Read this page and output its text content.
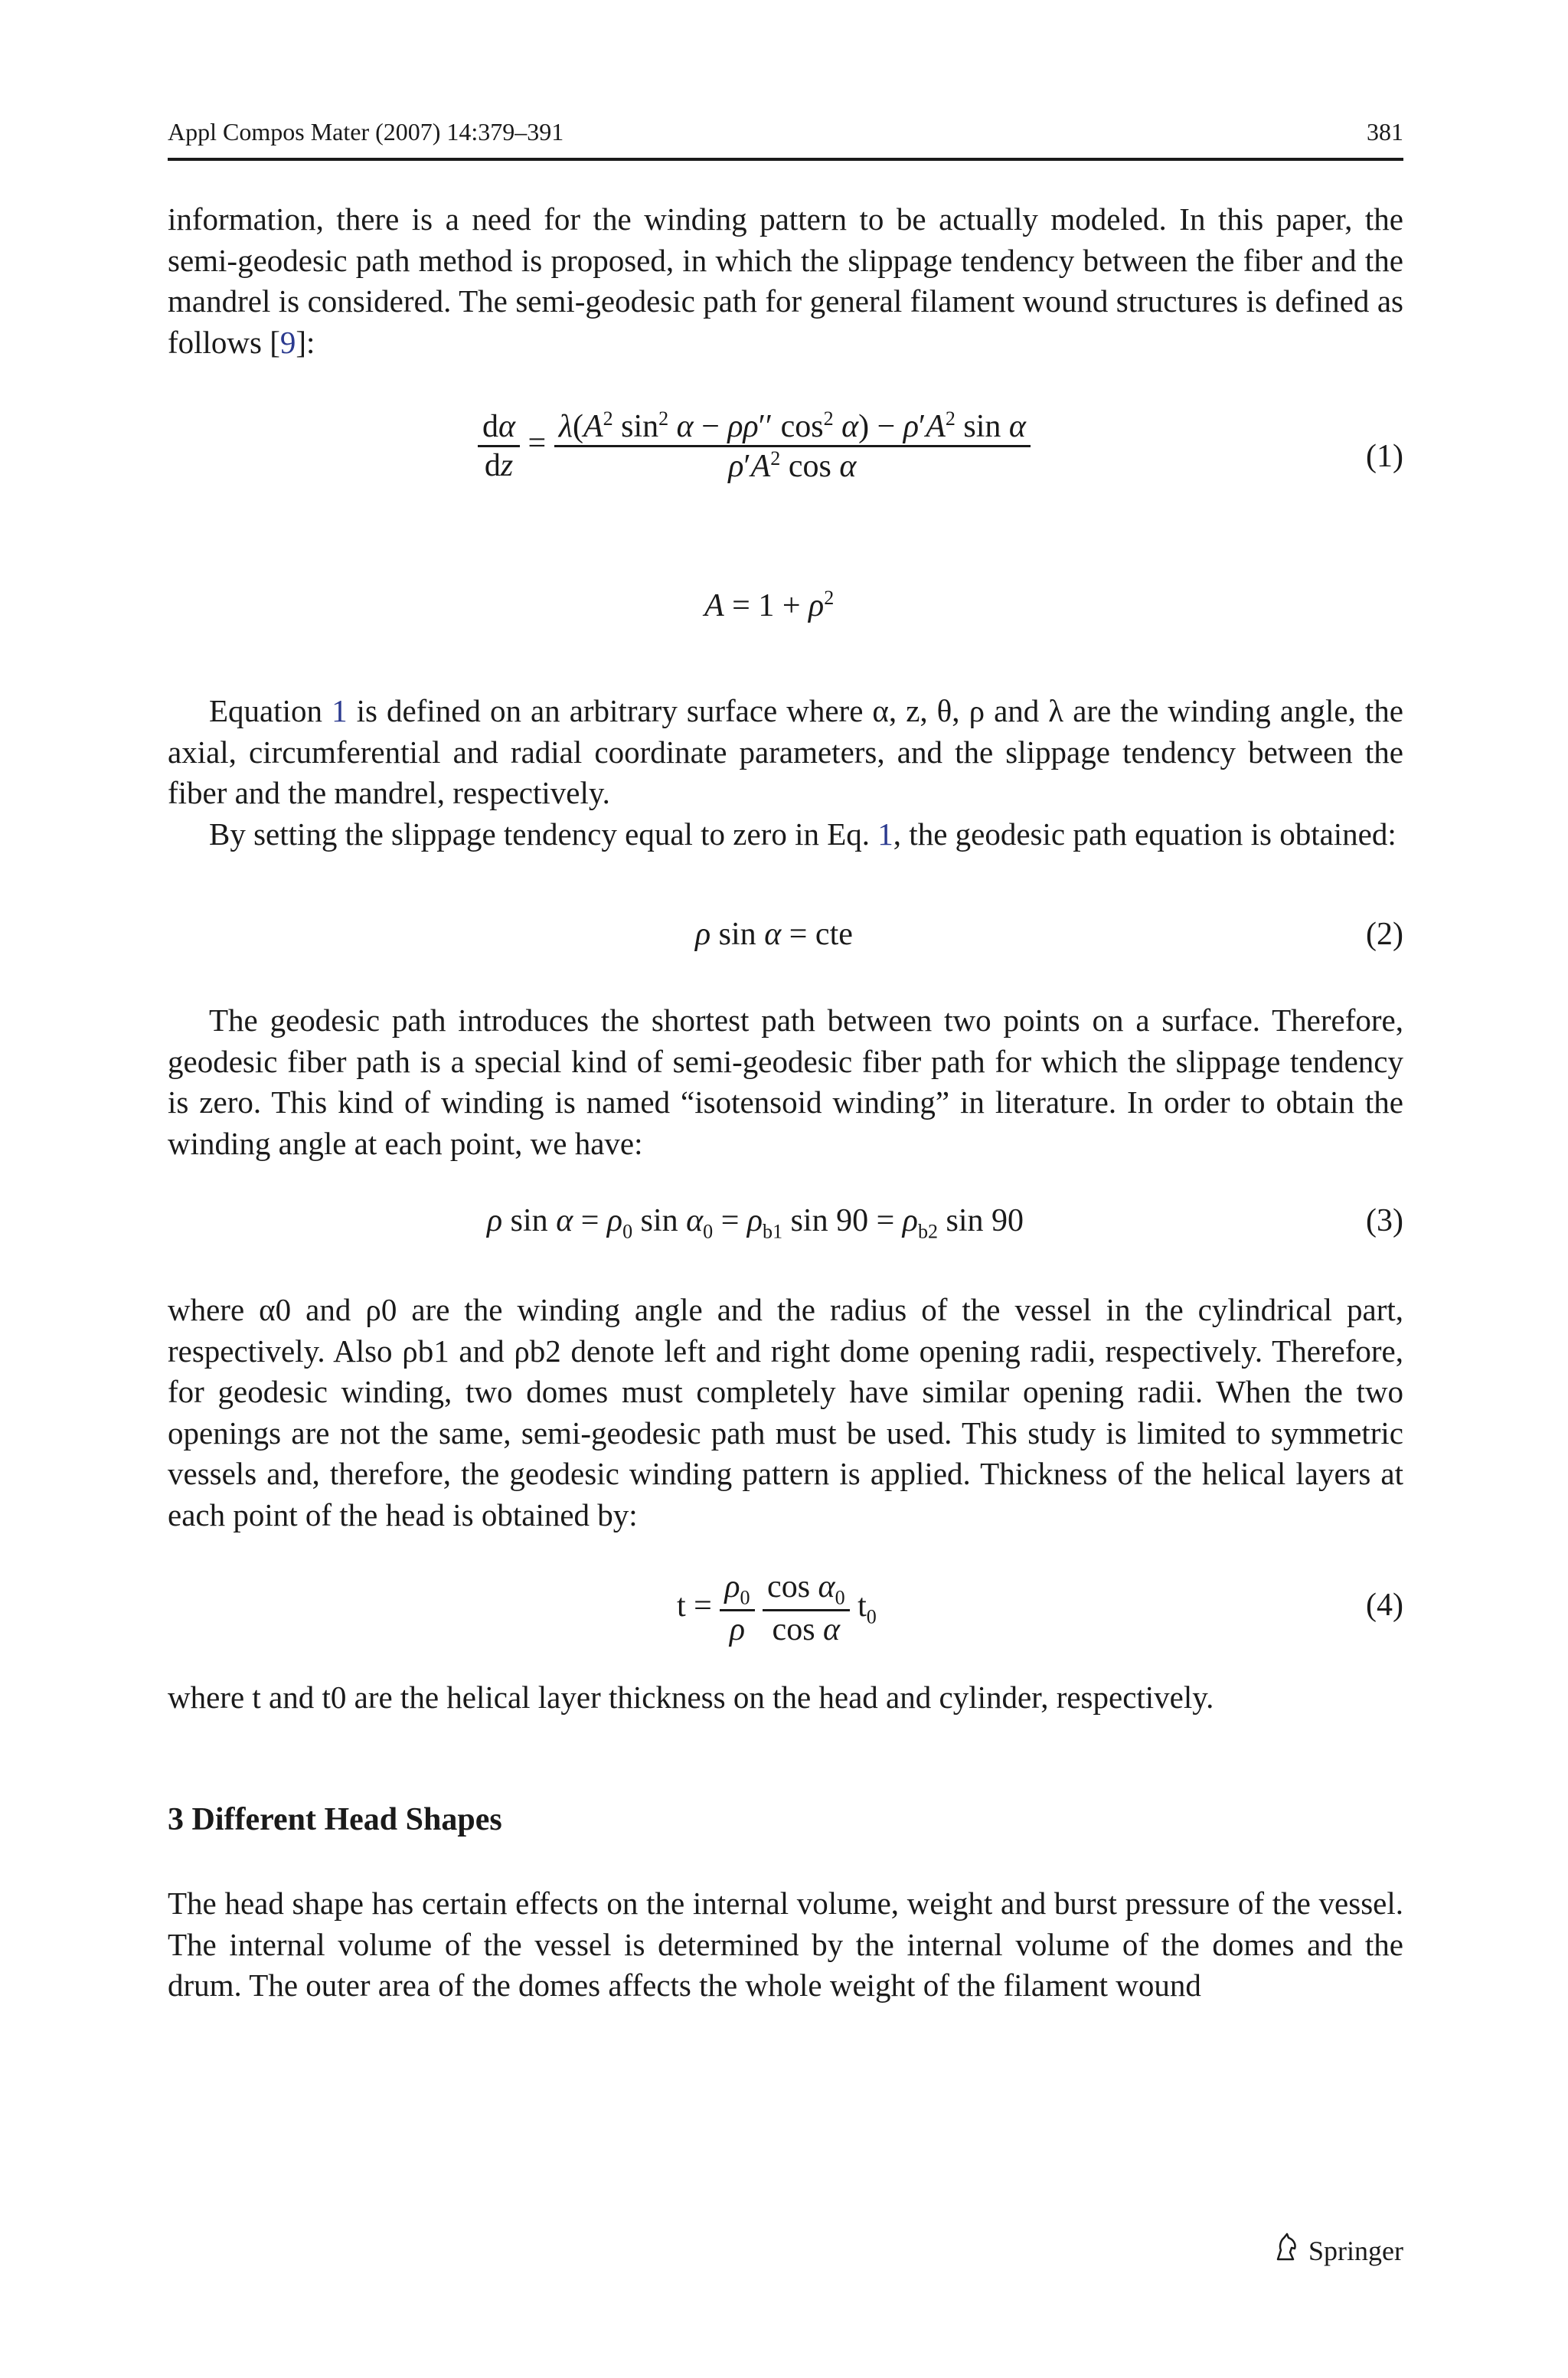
Appl Compos Mater (2007) 14:379–391	381

information, there is a need for the winding pattern to be actually modeled. In this paper, the semi-geodesic path method is proposed, in which the slippage tendency between the fiber and the mandrel is considered. The semi-geodesic path for general filament wound structures is defined as follows [9]:

$\frac{d\alpha}{dz} = \frac{\lambda(A^2 \sin^2 \alpha - \rho\rho'' \cos^2 \alpha) - \rho'A^2 \sin \alpha}{\rho'A^2 \cos \alpha}$	(1)
$A = 1 + \rho^2$

Equation 1 is defined on an arbitrary surface where α, z, θ, ρ and λ are the winding angle, the axial, circumferential and radial coordinate parameters, and the slippage tendency between the fiber and the mandrel, respectively.

By setting the slippage tendency equal to zero in Eq. 1, the geodesic path equation is obtained:

ρ sin α = cte	(2)

The geodesic path introduces the shortest path between two points on a surface. Therefore, geodesic fiber path is a special kind of semi-geodesic fiber path for which the slippage tendency is zero. This kind of winding is named “isotensoid winding” in literature. In order to obtain the winding angle at each point, we have:

ρ $\sin \alpha = \rho_0$ $\sin \alpha_0 = \rho_{b1}$ $\sin 90 = \rho_{b2}$ sin 90	(3)

where α0 and ρ0 are the winding angle and the radius of the vessel in the cylindrical part, respectively. Also ρb1 and ρb2 denote left and right dome opening radii, respectively. Therefore, for geodesic winding, two domes must completely have similar opening radii. When the two openings are not the same, semi-geodesic path must be used. This study is limited to symmetric vessels and, therefore, the geodesic winding pattern is applied. Thickness of the helical layers at each point of the head is obtained by:

$t = \frac{\rho_0}{\rho}$
$\frac{\cos \alpha_0}{\text{cos α}} t_0$	(4)

where t and t0 are the helical layer thickness on the head and cylinder, respectively.

3 Different Head Shapes

The head shape has certain effects on the internal volume, weight and burst pressure of the vessel. The internal volume of the vessel is determined by the internal volume of the domes and the drum. The outer area of the domes affects the whole weight of the filament wound

Springer
